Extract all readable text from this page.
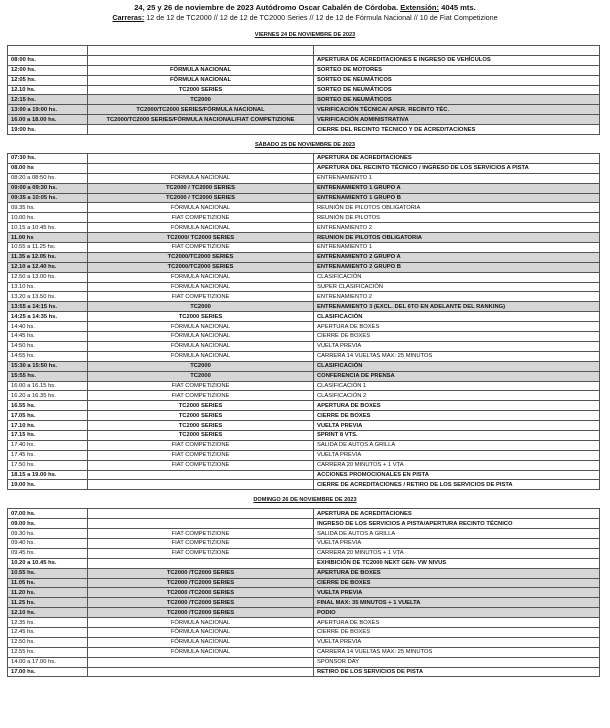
24, 25 y 26 de noviembre de 2023 Autódromo Oscar Cabalén de Córdoba. Extensión: 4045 mts.
Carreras: 12 de 12 de TC2000 // 12 de 12 de TC2000 Series // 12 de 12 de Fórmula Nacional // 10 de Fiat Competizione
VIERNES 24 DE NOVIEMBRE DE 2023

08:00 hs.		APERTURA DE ACREDITACIONES E INGRESO DE VEHÍCULOS
12:00 hs.	FÓRMULA NACIONAL	SORTEO DE MOTORES
12:05 hs.	FÓRMULA NACIONAL	SORTEO DE NEUMÁTICOS
12.10 hs.	TC2000 SERIES	SORTEO DE NEUMÁTICOS
12:15 hs.	TC2000	SORTEO DE NEUMÁTICOS
13:00 a 19:00 hs.	TC2000/TC2000 SERIES/FÓRMULA NACIONAL	VERIFICACIÓN TÉCNICA/ APER. RECINTO TÉC.
16.00 a 18.00 hs.	TC2000/TC2000 SERIES/FÓRMULA NACIONAL/FIAT COMPETIZIONE	VERIFICACIÓN ADMINISTRATIVA
19:00 hs.		CIERRE DEL RECINTO TÉCNICO Y DE ACREDITACIONES
SÁBADO 25 DE NOVIEMBRE DE 2023
07:30 hs.		APERTURA DE ACREDITACIONES
08.00 hs		APERTURA DEL RECINTO TÉCNICO / INGRESO DE LOS SERVICIOS A PISTA
08:20 a 08:50 hs.	FORMULA NACIONAL	ENTRENAMIENTO 1
09:00 a 09:30 hs.	TC2000 / TC2000 SERIES	ENTRENAMIENTO 1 GRUPO A
09:35 a 10:05 hs.	TC2000 / TC2000 SERIES	ENTRENAMIENTO 1 GRUPO B
09.35 hs.	FÓRMULA NACIONAL	REUNIÓN DE PILOTOS OBLIGATORIA
10.00 hs.	FIAT COMPETIZIONE	REUNIÓN DE PILOTOS
10.15 a 10.45 hs.	FÓRMULA NACIONAL	ENTRENAMIENTO 2
11.00 hs	TC2000/ TC2000 SERIES	REUNION DE PILOTOS OBLIGATORIA
10.55 a 11.25 hs.	FIAT COMPETIZIONE	ENTRENAMIENTO 1
11.35 a 12.05 hs.	TC2000/TC2000 SERIES	ENTRENAMIENTO 2 GRUPO A
12.10 a 12.40 hs.	TC2000/TC2000 SERIES	ENTRENAMIENTO 2 GRUPO B
12.50 a 13.00 hs.	FORMULA NACIONAL	CLASIFICACIÓN
13.10 hs.	FORMULA NACIONAL	SUPER CLASIFICACIÓN
13.20 a 13.50 hs.	FIAT COMPETIZIONE	ENTRENAMIENTO 2
13:55 a 14:15 hs.	TC2000	ENTRENAMIENTO 3 (EXCL. DEL 6TO EN ADELANTE DEL RANKING)
14:25 a 14:35 hs.	TC2000 SERIES	CLASIFICACIÓN
14:40 hs.	FÓRMULA NACIONAL	APERTURA DE BOXES
14:45 hs.	FÓRMULA NACIONAL	CIERRE DE BOXES
14:50 hs.	FÓRMULA NACIONAL	VUELTA PREVIA
14:55 hs.	FÓRMULA NACIONAL	CARRERA 14 VUELTAS MAX: 25 MINUTOS
15:30 a 15:50 hs.	TC2000	CLASIFICACIÓN
15:55 hs.	TC2000	CONFERENCIA DE PRENSA
16.00 a 16.15 hs.	FIAT COMPETIZIONE	CLASIFICACIÓN 1
16.20 a 16.35 hs.	FIAT COMPETIZIONE	CLASIFICACIÓN 2
16.55 hs.	TC2000 SERIES	APERTURA DE BOXES
17.05 hs.	TC2000 SERIES	CIERRE DE BOXES
17.10 hs.	TC2000 SERIES	VUELTA PREVIA
17.15 hs.	TC2000 SERIES	SPRINT 8 VTS.
17.40 hs.	FIAT COMPETIZIONE	SALIDA DE AUTOS A GRILLA
17.45 hs.	FIAT COMPETIZIONE	VUELTA PREVIA
17.50 hs.	FIAT COMPETIZIONE	CARRERA 20 MINUTOS + 1 VTA
18.15 a 19.00 hs.		ACCIONES PROMOCIONALES EN PISTA
19.00 hs.		CIERRE DE ACREDITACIONES / RETIRO DE LOS SERVICIOS DE PISTA
DOMINGO 26 DE NOVIEMBRE DE 2023
07.00 hs.		APERTURA DE ACREDITACIONES
09.00 hs.		INGRESO DE LOS SERVICIOS A PISTA/APERTURA RECINTO TÉCNICO
09.30 hs.	FIAT COMPETIZIONE	SALIDA DE AUTOS A GRILLA
09.40 hs.	FIAT COMPETIZIONE	VUELTA PREVIA
09.45 hs.	FIAT COMPETIZIONE	CARRERA 20 MINUTOS + 1 VTA
10.20 a 10.45 hs.		EXHIBICIÓN DE TC2000 NEXT GEN- VW NIVUS
10.55 hs.	TC2000 /TC2000 SERIES	APERTURA DE BOXES
11.05 hs.	TC2000 /TC2000 SERIES	CIERRE DE BOXES
11.20 hs.	TC2000 /TC2000 SERIES	VUELTA PREVIA
11.25 hs.	TC2000 /TC2000 SERIES	FINAL MAX: 35 MINUTOS + 1 VUELTA
12.10 hs.	TC2000 /TC2000 SERIES	PODIO
12.35 hs.	FÓRMULA NACIONAL	APERTURA DE BOXES
12.45 hs.	FÓRMULA NACIONAL	CIERRE DE BOXES
12.50 hs.	FÓRMULA NACIONAL	VUELTA PREVIA
12.55 hs.	FÓRMULA NACIONAL	CARRERA 14 VUELTAS MAX: 25 MINUTOS
14.00 a 17.00 hs.		SPONSOR DAY
17.00 hs.		RETIRO DE LOS SERVICIOS DE PISTA
